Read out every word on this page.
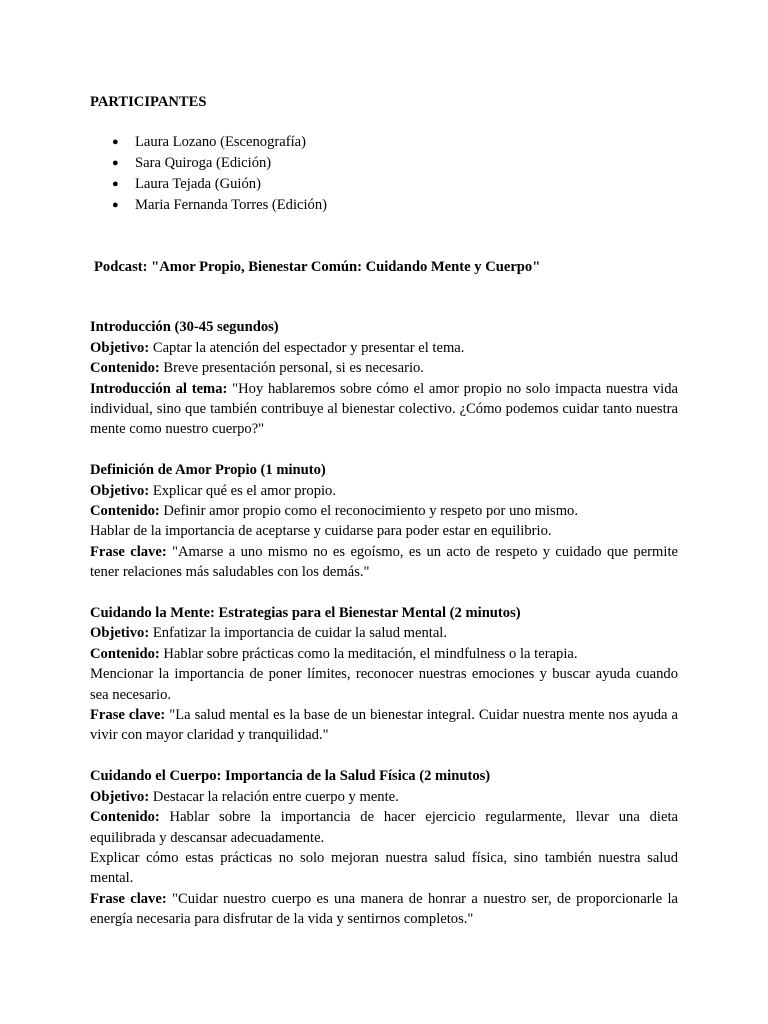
PARTICIPANTES
● Laura Lozano (Escenografía)
● Sara Quiroga (Edición)
● Laura Tejada (Guión)
● Maria Fernanda Torres (Edición)
Podcast: "Amor Propio, Bienestar Común: Cuidando Mente y Cuerpo"
Introducción (30-45 segundos)

Objetivo: Captar la atención del espectador y presentar el tema.

Contenido: Breve presentación personal, si es necesario.

Introducción al tema: "Hoy hablaremos sobre cómo el amor propio no solo impacta nuestra vida individual, sino que también contribuye al bienestar colectivo. ¿Cómo podemos cuidar tanto nuestra mente como nuestro cuerpo?"

Definición de Amor Propio (1 minuto)

Objetivo: Explicar qué es el amor propio.

Contenido: Definir amor propio como el reconocimiento y respeto por uno mismo.

Hablar de la importancia de aceptarse y cuidarse para poder estar en equilibrio.

Frase clave: "Amarse a uno mismo no es egoísmo, es un acto de respeto y cuidado que permite tener relaciones más saludables con los demás."

Cuidando la Mente: Estrategias para el Bienestar Mental (2 minutos)

Objetivo: Enfatizar la importancia de cuidar la salud mental.

Contenido: Hablar sobre prácticas como la meditación, el mindfulness o la terapia.

Mencionar la importancia de poner límites, reconocer nuestras emociones y buscar ayuda cuando sea necesario.

Frase clave: "La salud mental es la base de un bienestar integral. Cuidar nuestra mente nos ayuda a vivir con mayor claridad y tranquilidad."

Cuidando el Cuerpo: Importancia de la Salud Física (2 minutos)

Objetivo: Destacar la relación entre cuerpo y mente.

Contenido: Hablar sobre la importancia de hacer ejercicio regularmente, llevar una dieta equilibrada y descansar adecuadamente.

Explicar cómo estas prácticas no solo mejoran nuestra salud física, sino también nuestra salud mental.

Frase clave: "Cuidar nuestro cuerpo es una manera de honrar a nuestro ser, de proporcionarle la energía necesaria para disfrutar de la vida y sentirnos completos."
